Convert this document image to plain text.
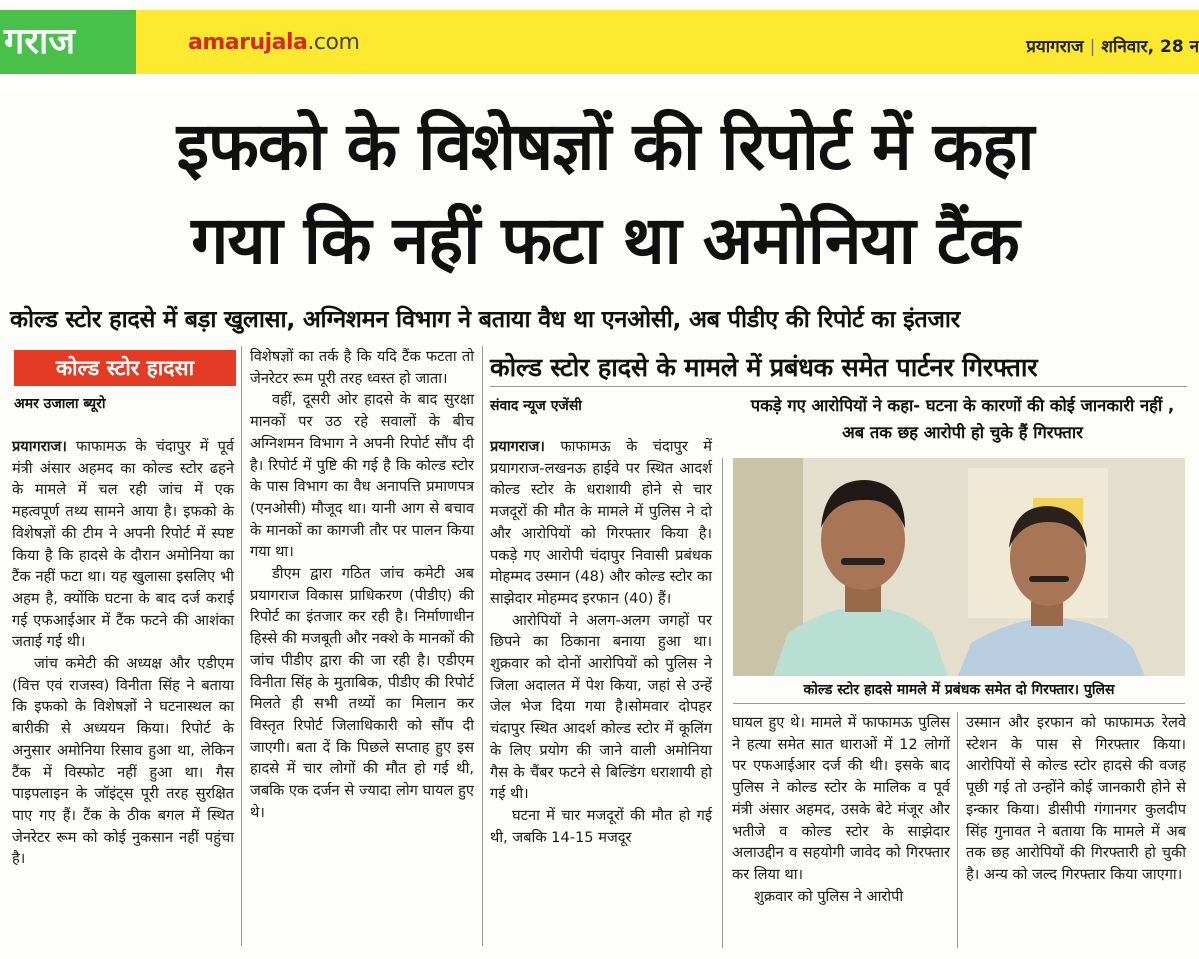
गराज	amarujala.com	प्रयागराज | शनिवार, 28 न
इफको के विशेषज्ञों की रिपोर्ट में कहा
गया कि नहीं फटा था अमोनिया टैंक
कोल्ड स्टोर हादसे में बड़ा खुलासा, अग्निशमन विभाग ने बताया वैध था एनओसी, अब पीडीए की रिपोर्ट का इंतजार
कोल्ड स्टोर हादसा
अमर उजाला ब्यूरो

प्रयागराज। फाफामऊ के चंदापुर में पूर्व मंत्री अंसार अहमद का कोल्ड स्टोर ढहने के मामले में चल रही जांच में एक महत्वपूर्ण तथ्य सामने आया है। इफको के विशेषज्ञों की टीम ने अपनी रिपोर्ट में स्पष्ट किया है कि हादसे के दौरान अमोनिया का टैंक नहीं फटा था। यह खुलासा इसलिए भी अहम है, क्योंकि घटना के बाद दर्ज कराई गई एफआईआर में टैंक फटने की आशंका जताई गई थी।

जांच कमेटी की अध्यक्ष और एडीएम (वित्त एवं राजस्व) विनीता सिंह ने बताया कि इफको के विशेषज्ञों ने घटनास्थल का बारीकी से अध्ययन किया। रिपोर्ट के अनुसार अमोनिया रिसाव हुआ था, लेकिन टैंक में विस्फोट नहीं हुआ था। गैस पाइपलाइन के जॉइंट्स पूरी तरह सुरक्षित पाए गए हैं। टैंक के ठीक बगल में स्थित जेनरेटर रूम को कोई नुकसान नहीं पहुंचा है।

विशेषज्ञों का तर्क है कि यदि टैंक फटता तो जेनरेटर रूम पूरी तरह ध्वस्त हो जाता।

वहीं, दूसरी ओर हादसे के बाद सुरक्षा मानकों पर उठ रहे सवालों के बीच अग्निशमन विभाग ने अपनी रिपोर्ट सौंप दी है। रिपोर्ट में पुष्टि की गई है कि कोल्ड स्टोर के पास विभाग का वैध अनापत्ति प्रमाणपत्र (एनओसी) मौजूद था। यानी आग से बचाव के मानकों का कागजी तौर पर पालन किया गया था।

डीएम द्वारा गठित जांच कमेटी अब प्रयागराज विकास प्राधिकरण (पीडीए) की रिपोर्ट का इंतजार कर रही है। निर्माणाधीन हिस्से की मजबूती और नक्शे के मानकों की जांच पीडीए द्वारा की जा रही है। एडीएम विनीता सिंह के मुताबिक, पीडीए की रिपोर्ट मिलते ही सभी तथ्यों का मिलान कर विस्तृत रिपोर्ट जिलाधिकारी को सौंप दी जाएगी। बता दें कि पिछले सप्ताह हुए इस हादसे में चार लोगों की मौत हो गई थी, जबकि एक दर्जन से ज्यादा लोग घायल हुए थे।

कोल्ड स्टोर हादसे के मामले में प्रबंधक समेत पार्टनर गिरफ्तार
संवाद न्यूज एजेंसी	पकड़े गए आरोपियों ने कहा- घटना के कारणों की कोई जानकारी नहीं , अब तक छह आरोपी हो चुके हैं गिरफ्तार
कोल्ड स्टोर हादसे मामले में प्रबंधक समेत दो गिरफ्तार। पुलिस

प्रयागराज। फाफामऊ के चंदापुर में प्रयागराज-लखनऊ हाईवे पर स्थित आदर्श कोल्ड स्टोर के धराशायी होने से चार मजदूरों की मौत के मामले में पुलिस ने दो और आरोपियों को गिरफ्तार किया है। पकड़े गए आरोपी चंदापुर निवासी प्रबंधक मोहम्मद उस्मान (48) और कोल्ड स्टोर का साझेदार मोहम्मद इरफान (40) हैं।

आरोपियों ने अलग-अलग जगहों पर छिपने का ठिकाना बनाया हुआ था। शुक्रवार को दोनों आरोपियों को पुलिस ने जिला अदालत में पेश किया, जहां से उन्हें जेल भेज दिया गया है।सोमवार दोपहर चंदापुर स्थित आदर्श कोल्ड स्टोर में कूलिंग के लिए प्रयोग की जाने वाली अमोनिया गैस के चैंबर फटने से बिल्डिंग धराशायी हो गई थी।

घटना में चार मजदूरों की मौत हो गई थी, जबकि 14-15 मजदूर

घायल हुए थे। मामले में फाफामऊ पुलिस ने हत्या समेत सात धाराओं में 12 लोगों पर एफआईआर दर्ज की थी। इसके बाद पुलिस ने कोल्ड स्टोर के मालिक व पूर्व मंत्री अंसार अहमद, उसके बेटे मंजूर और भतीजे व कोल्ड स्टोर के साझेदार अलाउद्दीन व सहयोगी जावेद को गिरफ्तार कर लिया था।

शुक्रवार को पुलिस ने आरोपी

उस्मान और इरफान को फाफामऊ रेलवे स्टेशन के पास से गिरफ्तार किया। आरोपियों से कोल्ड स्टोर हादसे की वजह पूछी गई तो उन्होंने कोई जानकारी होने से इन्कार किया। डीसीपी गंगानगर कुलदीप सिंह गुनावत ने बताया कि मामले में अब तक छह आरोपियों की गिरफ्तारी हो चुकी है। अन्य को जल्द गिरफ्तार किया जाएगा।
